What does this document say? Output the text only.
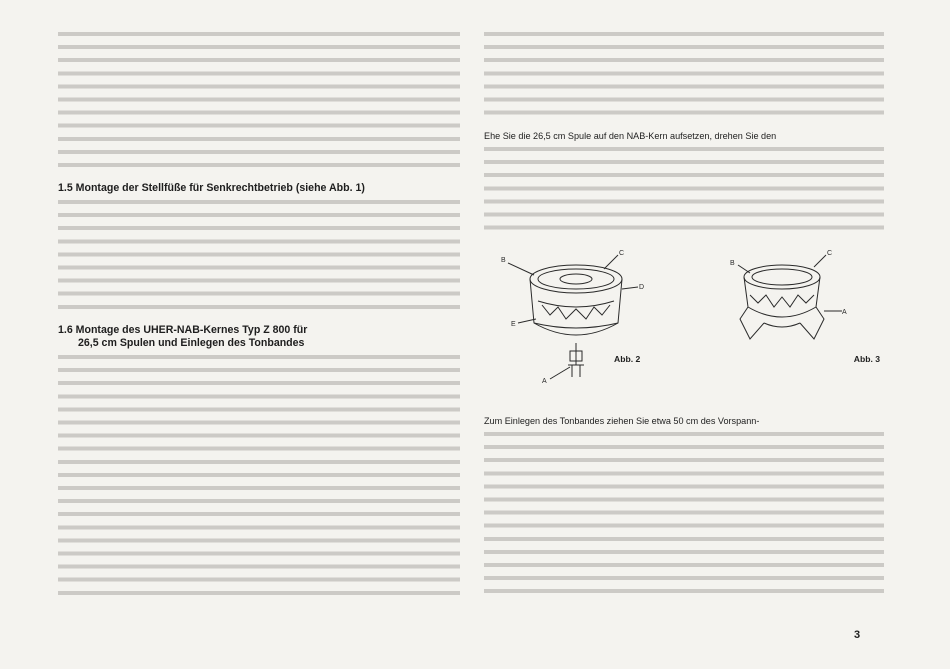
1.5 Montage der Stellfüße für Senkrechtbetrieb (siehe Abb. 1)
1.6 Montage des UHER-NAB-Kernes Typ Z 800 für
26,5 cm Spulen und Einlegen des Tonbandes

Ehe Sie die 26,5 cm Spule auf den NAB-Kern aufsetzen, drehen Sie den

B
C
D
E
A
Abb. 2
B
C
A
Abb. 3

Zum Einlegen des Tonbandes ziehen Sie etwa 50 cm des Vorspann-

3
